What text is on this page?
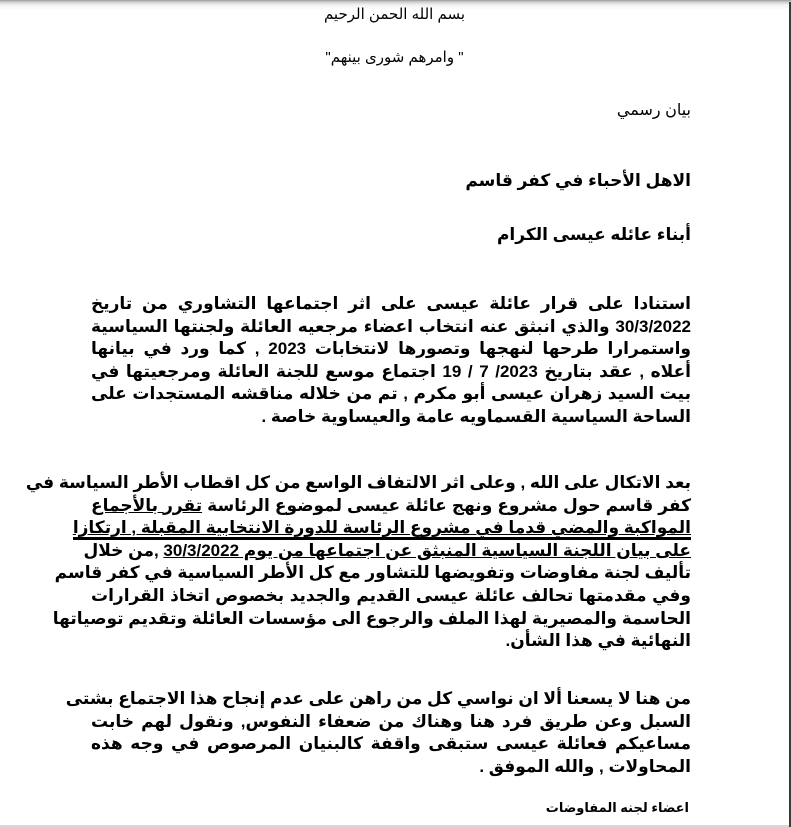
بسم الله الحمن الرحيم
" وامرهم شورى بينهم"
بيان رسمي
الاهل الأحباء في كفر قاسم
أبناء عائله عيسى الكرام
استنادا على قرار عائلة عيسى على اثر اجتماعها التشاوري من تاريخ
30/3/2022 والذي انبثق عنه انتخاب اعضاء مرجعيه العائلة ولجنتها السياسية
واستمرارا طرحها لنهجها وتصورها لانتخابات 2023 , كما ورد في بيانها
أعلاه , عقد بتاريخ 2023/ 7 / 19 اجتماع موسع للجنة العائلة ومرجعيتها في
بيت السيد زهران عيسى أبو مكرم , تم من خلاله مناقشه المستجدات على
الساحة السياسية القسماويه عامة والعيساوية خاصة .
بعد الاتكال على الله , وعلى اثر الالتفاف الواسع من كل اقطاب الأطر السياسة في
كفر قاسم حول مشروع ونهج عائلة عيسى لموضوع الرئاسة تقرر بالأجماع
المواكبة والمضي قدما في مشروع الرئاسة للدورة الانتخابية المقبلة , ارتكازا
على بيان اللجنة السياسية المنبثق عن اجتماعها من يوم 30/3/2022 ,من خلال
تأليف لجنة مفاوضات وتفويضها للتشاور مع كل الأطر السياسية في كفر قاسم
وفي مقدمتها تحالف عائلة عيسى القديم والجديد بخصوص اتخاذ القرارات
الحاسمة والمصيرية لهذا الملف والرجوع الى مؤسسات العائلة وتقديم توصياتها
النهائية في هذا الشأن.
من هنا لا يسعنا ألا ان نواسي كل من راهن على عدم إنجاح هذا الاجتماع بشتى
السبل وعن طريق فرد هنا وهناك من ضعفاء النفوس, ونقول لهم خابت
مساعيكم فعائلة عيسى ستبقى واقفة كالبنيان المرصوص في وجه هذه
المحاولات , والله الموفق .
اعضاء لجنه المفاوضات
